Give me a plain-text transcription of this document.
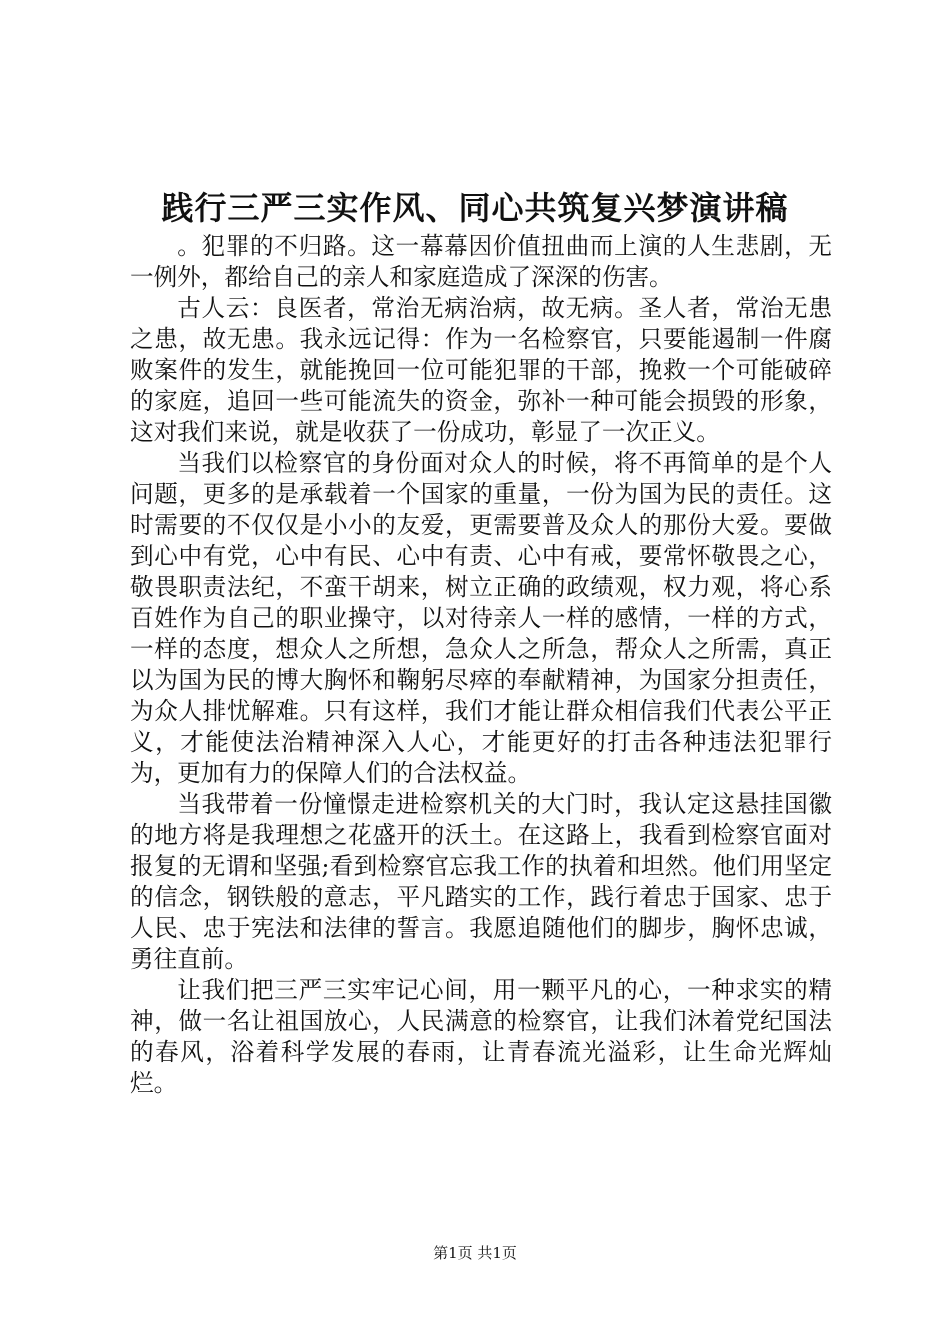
践行三严三实作风、同心共筑复兴梦演讲稿

。犯罪的不归路。这一幕幕因价值扭曲而上演的人生悲剧，无一例外，都给自己的亲人和家庭造成了深深的伤害。

古人云：良医者，常治无病治病，故无病。圣人者，常治无患之患，故无患。我永远记得：作为一名检察官，只要能遏制一件腐败案件的发生，就能挽回一位可能犯罪的干部，挽救一个可能破碎的家庭，追回一些可能流失的资金，弥补一种可能会损毁的形象，这对我们来说，就是收获了一份成功，彰显了一次正义。

当我们以检察官的身份面对众人的时候，将不再简单的是个人问题，更多的是承载着一个国家的重量，一份为国为民的责任。这时需要的不仅仅是小小的友爱，更需要普及众人的那份大爱。要做到心中有党，心中有民、心中有责、心中有戒，要常怀敬畏之心，敬畏职责法纪，不蛮干胡来，树立正确的政绩观，权力观，将心系百姓作为自己的职业操守，以对待亲人一样的感情，一样的方式，一样的态度，想众人之所想，急众人之所急，帮众人之所需，真正以为国为民的博大胸怀和鞠躬尽瘁的奉献精神，为国家分担责任，为众人排忧解难。只有这样，我们才能让群众相信我们代表公平正义，才能使法治精神深入人心，才能更好的打击各种违法犯罪行为，更加有力的保障人们的合法权益。

当我带着一份憧憬走进检察机关的大门时，我认定这悬挂国徽的地方将是我理想之花盛开的沃土。在这路上，我看到检察官面对报复的无谓和坚强;看到检察官忘我工作的执着和坦然。他们用坚定的信念，钢铁般的意志，平凡踏实的工作，践行着忠于国家、忠于人民、忠于宪法和法律的誓言。我愿追随他们的脚步，胸怀忠诚，勇往直前。

让我们把三严三实牢记心间，用一颗平凡的心，一种求实的精神，做一名让祖国放心，人民满意的检察官，让我们沐着党纪国法的春风，浴着科学发展的春雨，让青春流光溢彩，让生命光辉灿烂。

第1页 共1页
